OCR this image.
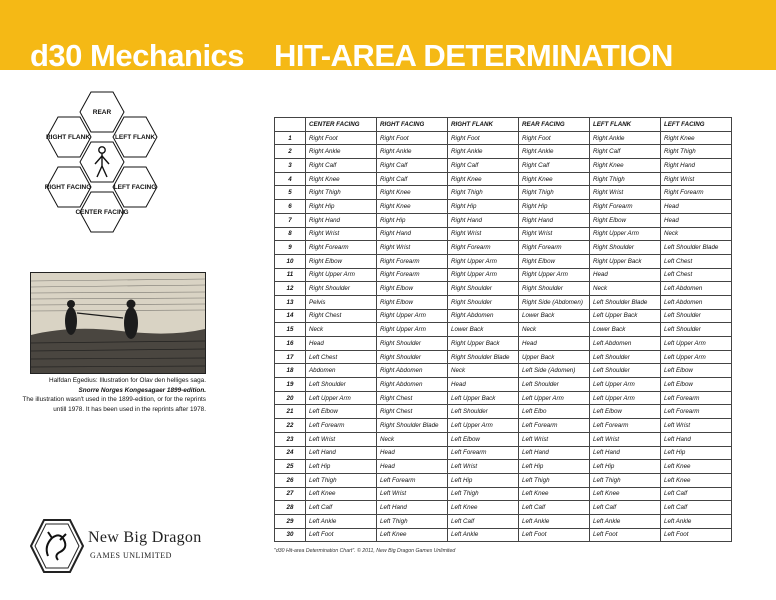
d30 Mechanics HIT-AREA DETERMINATION
REAR
RIGHT FLANK	LEFT FLANK
RIGHT FACING	LEFT FACING
CENTER FACING
Halfdan Egedius: Illustration for Olav den helliges saga.
Snorre Norges Kongesagaer 1899-edition.
The illustration wasn't used in the 1899-edition, or for the reprints
untill 1978. It has been used in the reprints after 1978.
New Big Dragon
GAMES UNLIMITED
	CENTER FACING	RIGHT FACING	RIGHT FLANK	REAR FACING	LEFT FLANK	LEFT FACING
1	Right Foot	Right Foot	Right Foot	Right Foot	Right Ankle	Right Knee
2	Right Ankle	Right Ankle	Right Ankle	Right Ankle	Right Calf	Right Thigh
3	Right Calf	Right Calf	Right Calf	Right Calf	Right Knee	Right Hand
4	Right Knee	Right Calf	Right Knee	Right Knee	Right Thigh	Right Wrist
5	Right Thigh	Right Knee	Right Thigh	Right Thigh	Right Wrist	Right Forearm
6	Right Hip	Right Knee	Right Hip	Right Hip	Right Forearm	Head
7	Right Hand	Right Hip	Right Hand	Right Hand	Right Elbow	Head
8	Right Wrist	Right Hand	Right Wrist	Right Wrist	Right Upper Arm	Neck
9	Right Forearm	Right Wrist	Right Forearm	Right Forearm	Right Shoulder	Left Shoulder Blade
10	Right Elbow	Right Forearm	Right Upper Arm	Right Elbow	Right Upper Back	Left Chest
11	Right Upper Arm	Right Forearm	Right Upper Arm	Right Upper Arm	Head	Left Chest
12	Right Shoulder	Right Elbow	Right Shoulder	Right Shoulder	Neck	Left Abdomen
13	Pelvis	Right Elbow	Right Shoulder	Right Side (Abdomen)	Left Shoulder Blade	Left Abdomen
14	Right Chest	Right Upper Arm	Right Abdomen	Lower Back	Left Upper Back	Left Shoulder
15	Neck	Right Upper Arm	Lower Back	Neck	Lower Back	Left Shoulder
16	Head	Right Shoulder	Right Upper Back	Head	Left Abdomen	Left Upper Arm
17	Left Chest	Right Shoulder	Right Shoulder Blade	Upper Back	Left Shoulder	Left Upper Arm
18	Abdomen	Right Abdomen	Neck	Left Side (Adomen)	Left Shoulder	Left Elbow
19	Left Shoulder	Right Abdomen	Head	Left Shoulder	Left Upper Arm	Left Elbow
20	Left Upper Arm	Right Chest	Left Upper Back	Left Upper Arm	Left Upper Arm	Left Forearm
21	Left Elbow	Right Chest	Left Shoulder	Left Elbo	Left Elbow	Left Forearm
22	Left Forearm	Right Shoulder Blade	Left Upper Arm	Left Forearm	Left Forearm	Left Wrist
23	Left Wrist	Neck	Left Elbow	Left Wrist	Left Wrist	Left Hand
24	Left Hand	Head	Left Forearm	Left Hand	Left Hand	Left Hip
25	Left Hip	Head	Left Wrist	Left Hip	Left Hip	Left Knee
26	Left Thigh	Left Forearm	Left Hip	Left Thigh	Left Thigh	Left Knee
27	Left Knee	Left Wrist	Left Thigh	Left Knee	Left Knee	Left Calf
28	Left Calf	Left Hand	Left Knee	Left Calf	Left Calf	Left Calf
29	Left Ankle	Left Thigh	Left Calf	Left Ankle	Left Ankle	Left Ankle
30	Left Foot	Left Knee	Left Ankle	Left Foot	Left Foot	Left Foot
"d30 Hit-area Determination Chart". © 2011, New Big Dragon Games Unlimited
